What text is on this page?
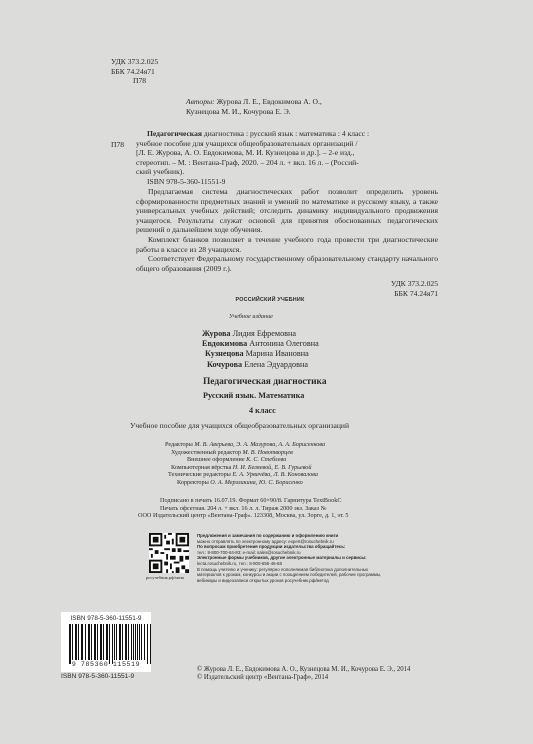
УДК 373.2.025
ББК 74.24я71
П78
Авторы: Журова Л. Е., Евдокимова А. О.,
Кузнецова М. И., Кочурова Е. Э.
П78
Педагогическая диагностика : русский язык : математика : 4 класс :
учебное пособие для учащихся общеобразовательных организаций /
[Л. Е. Журова, А. О. Евдокимова, М. И. Кузнецова и др.]. – 2-е изд.,
стереотип. – М. : Вентана-Граф, 2020. – 204 л. + вкл. 16 л. – (Россий-
ский учебник).
ISBN 978-5-360-11551-9

Предлагаемая система диагностических работ позволит определить уровень сформированности предметных знаний и умений по математике и русскому языку, а также универсальных учебных действий; отследить динамику индивидуального продвижения учащегося. Результаты служат основой для принятия обоснованных педагогических решений о дальнейшем ходе обучения.

Комплект бланков позволяет в течение учебного года провести три диагностические работы в классе из 28 учащихся.

Соответствует Федеральному государственному образовательному стандарту начального общего образования (2009 г.).

УДК 373.2.025
ББК 74.24я71
РОССИЙСКИЙ УЧЕБНИК
Учебное издание
Журова Лидия Ефремовна
Евдокимова Антонина Олеговна
Кузнецова Марина Ивановна
Кочурова Елена Эдуардовна
Педагогическая диагностика
Русский язык. Математика
4 класс
Учебное пособие для учащихся общеобразовательных организаций
Редакторы М. В. Аверьева, Э. А. Мазурова, А. А. Борисенкова
Художественный редактор М. В. Новотворцев
Внешнее оформление К. С. Стеблева
Компьютерная вёрстка Н. И. Беляевой, Е. В. Гурьевой
Технические редакторы Е. А. Урвачёва, Л. В. Коновалова
Корректоры О. А. Мерзликина, Ю. С. Борисенко
Подписано в печать 16.07.19. Формат 60×90/8. Гарнитура TextBookC
Печать офсетная. 204 л. + вкл. 16 л. л. Тираж 2000 экз. Заказ №
ООО Издательский центр «Вентана-Граф». 123308, Москва, ул. Зорге, д. 1, эт. 5
росучебник.рф/мпэк
Предложения и замечания по содержанию и оформлению книги
можно отправлять по электронному адресу: expert@rosuchebnik.ru
По вопросам приобретения продукции издательства обращайтесь:
тел.: 8-800-700-64-83; e-mail: sales@rosuchebnik.ru
Электронные формы учебников, другие электронные материалы и сервисы:
lecta.rosuchebnik.ru, тел.: 8-800-555-46-68
В помощь учителю и ученику: регулярно пополняемая библиотека дополнительных
материалов к урокам, конкурсы и акции с поощрением победителей, рабочие программы,
вебинары и видеозаписи открытых уроков росучебник.рф/метод
ISBN 978-5-360-11551-9
9 785360 115519
ISBN 978-5-360-11551-9
© Журова Л. Е., Евдокимова А. О., Кузнецова М. И., Кочурова Е. Э., 2014
© Издательский центр «Вентана-Граф», 2014
